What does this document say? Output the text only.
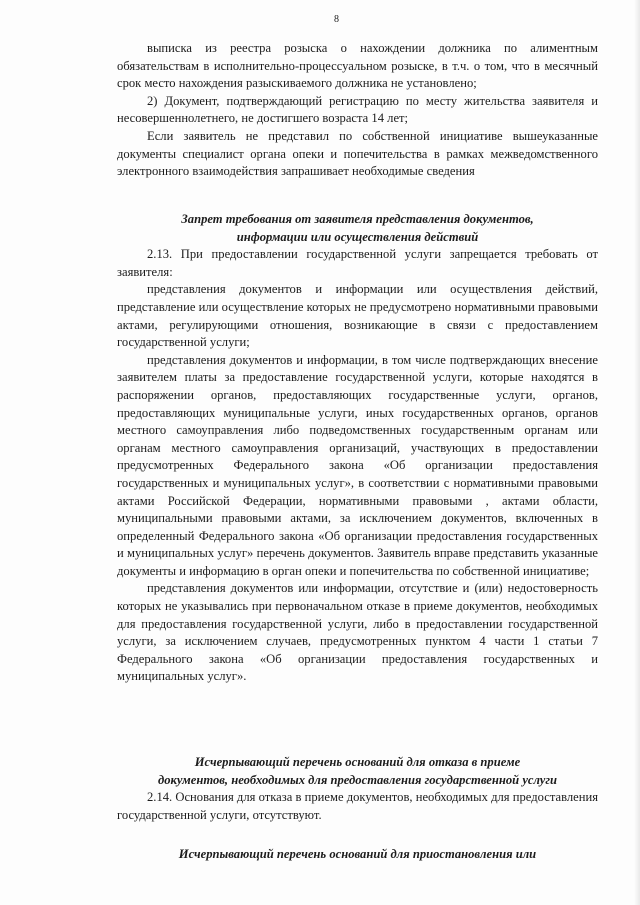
8

выписка из реестра розыска о нахождении должника по алиментным обязательствам в исполнительно-процессуальном розыске, в т.ч. о том, что в месячный срок место нахождения разыскиваемого должника не установлено;

2) Документ, подтверждающий регистрацию по месту жительства заявителя и несовершеннолетнего, не достигшего возраста 14 лет;

Если заявитель не представил по собственной инициативе вышеуказанные документы специалист органа опеки и попечительства в рамках межведомственного электронного взаимодействия запрашивает необходимые сведения

Запрет требования от заявителя представления документов,
информации или осуществления действий

2.13. При предоставлении государственной услуги запрещается требовать от заявителя:

представления документов и информации или осуществления действий, представление или осуществление которых не предусмотрено нормативными правовыми актами, регулирующими отношения, возникающие в связи с предоставлением государственной услуги;

представления документов и информации, в том числе подтверждающих внесение заявителем платы за предоставление государственной услуги, которые находятся в распоряжении органов, предоставляющих государственные услуги, органов, предоставляющих муниципальные услуги, иных государственных органов, органов местного самоуправления либо подведомственных государственным органам или органам местного самоуправления организаций, участвующих в предоставлении предусмотренных Федерального закона «Об организации предоставления государственных и муниципальных услуг», в соответствии с нормативными правовыми актами Российской Федерации, нормативными правовыми , актами области, муниципальными правовыми актами, за исключением документов, включенных в определенный Федерального закона «Об организации предоставления государственных и муниципальных услуг» перечень документов. Заявитель вправе представить указанные документы и информацию в орган опеки и попечительства по собственной инициативе;

представления документов или информации, отсутствие и (или) недостоверность которых не указывались при первоначальном отказе в приеме документов, необходимых для предоставления государственной услуги, либо в предоставлении государственной услуги, за исключением случаев, предусмотренных пунктом 4 части 1 статьи 7 Федерального закона «Об организации предоставления государственных и муниципальных услуг».

Исчерпывающий перечень оснований для отказа в приеме
документов, необходимых для предоставления государственной услуги

2.14. Основания для отказа в приеме документов, необходимых для предоставления государственной услуги, отсутствуют.

Исчерпывающий перечень оснований для приостановления или
